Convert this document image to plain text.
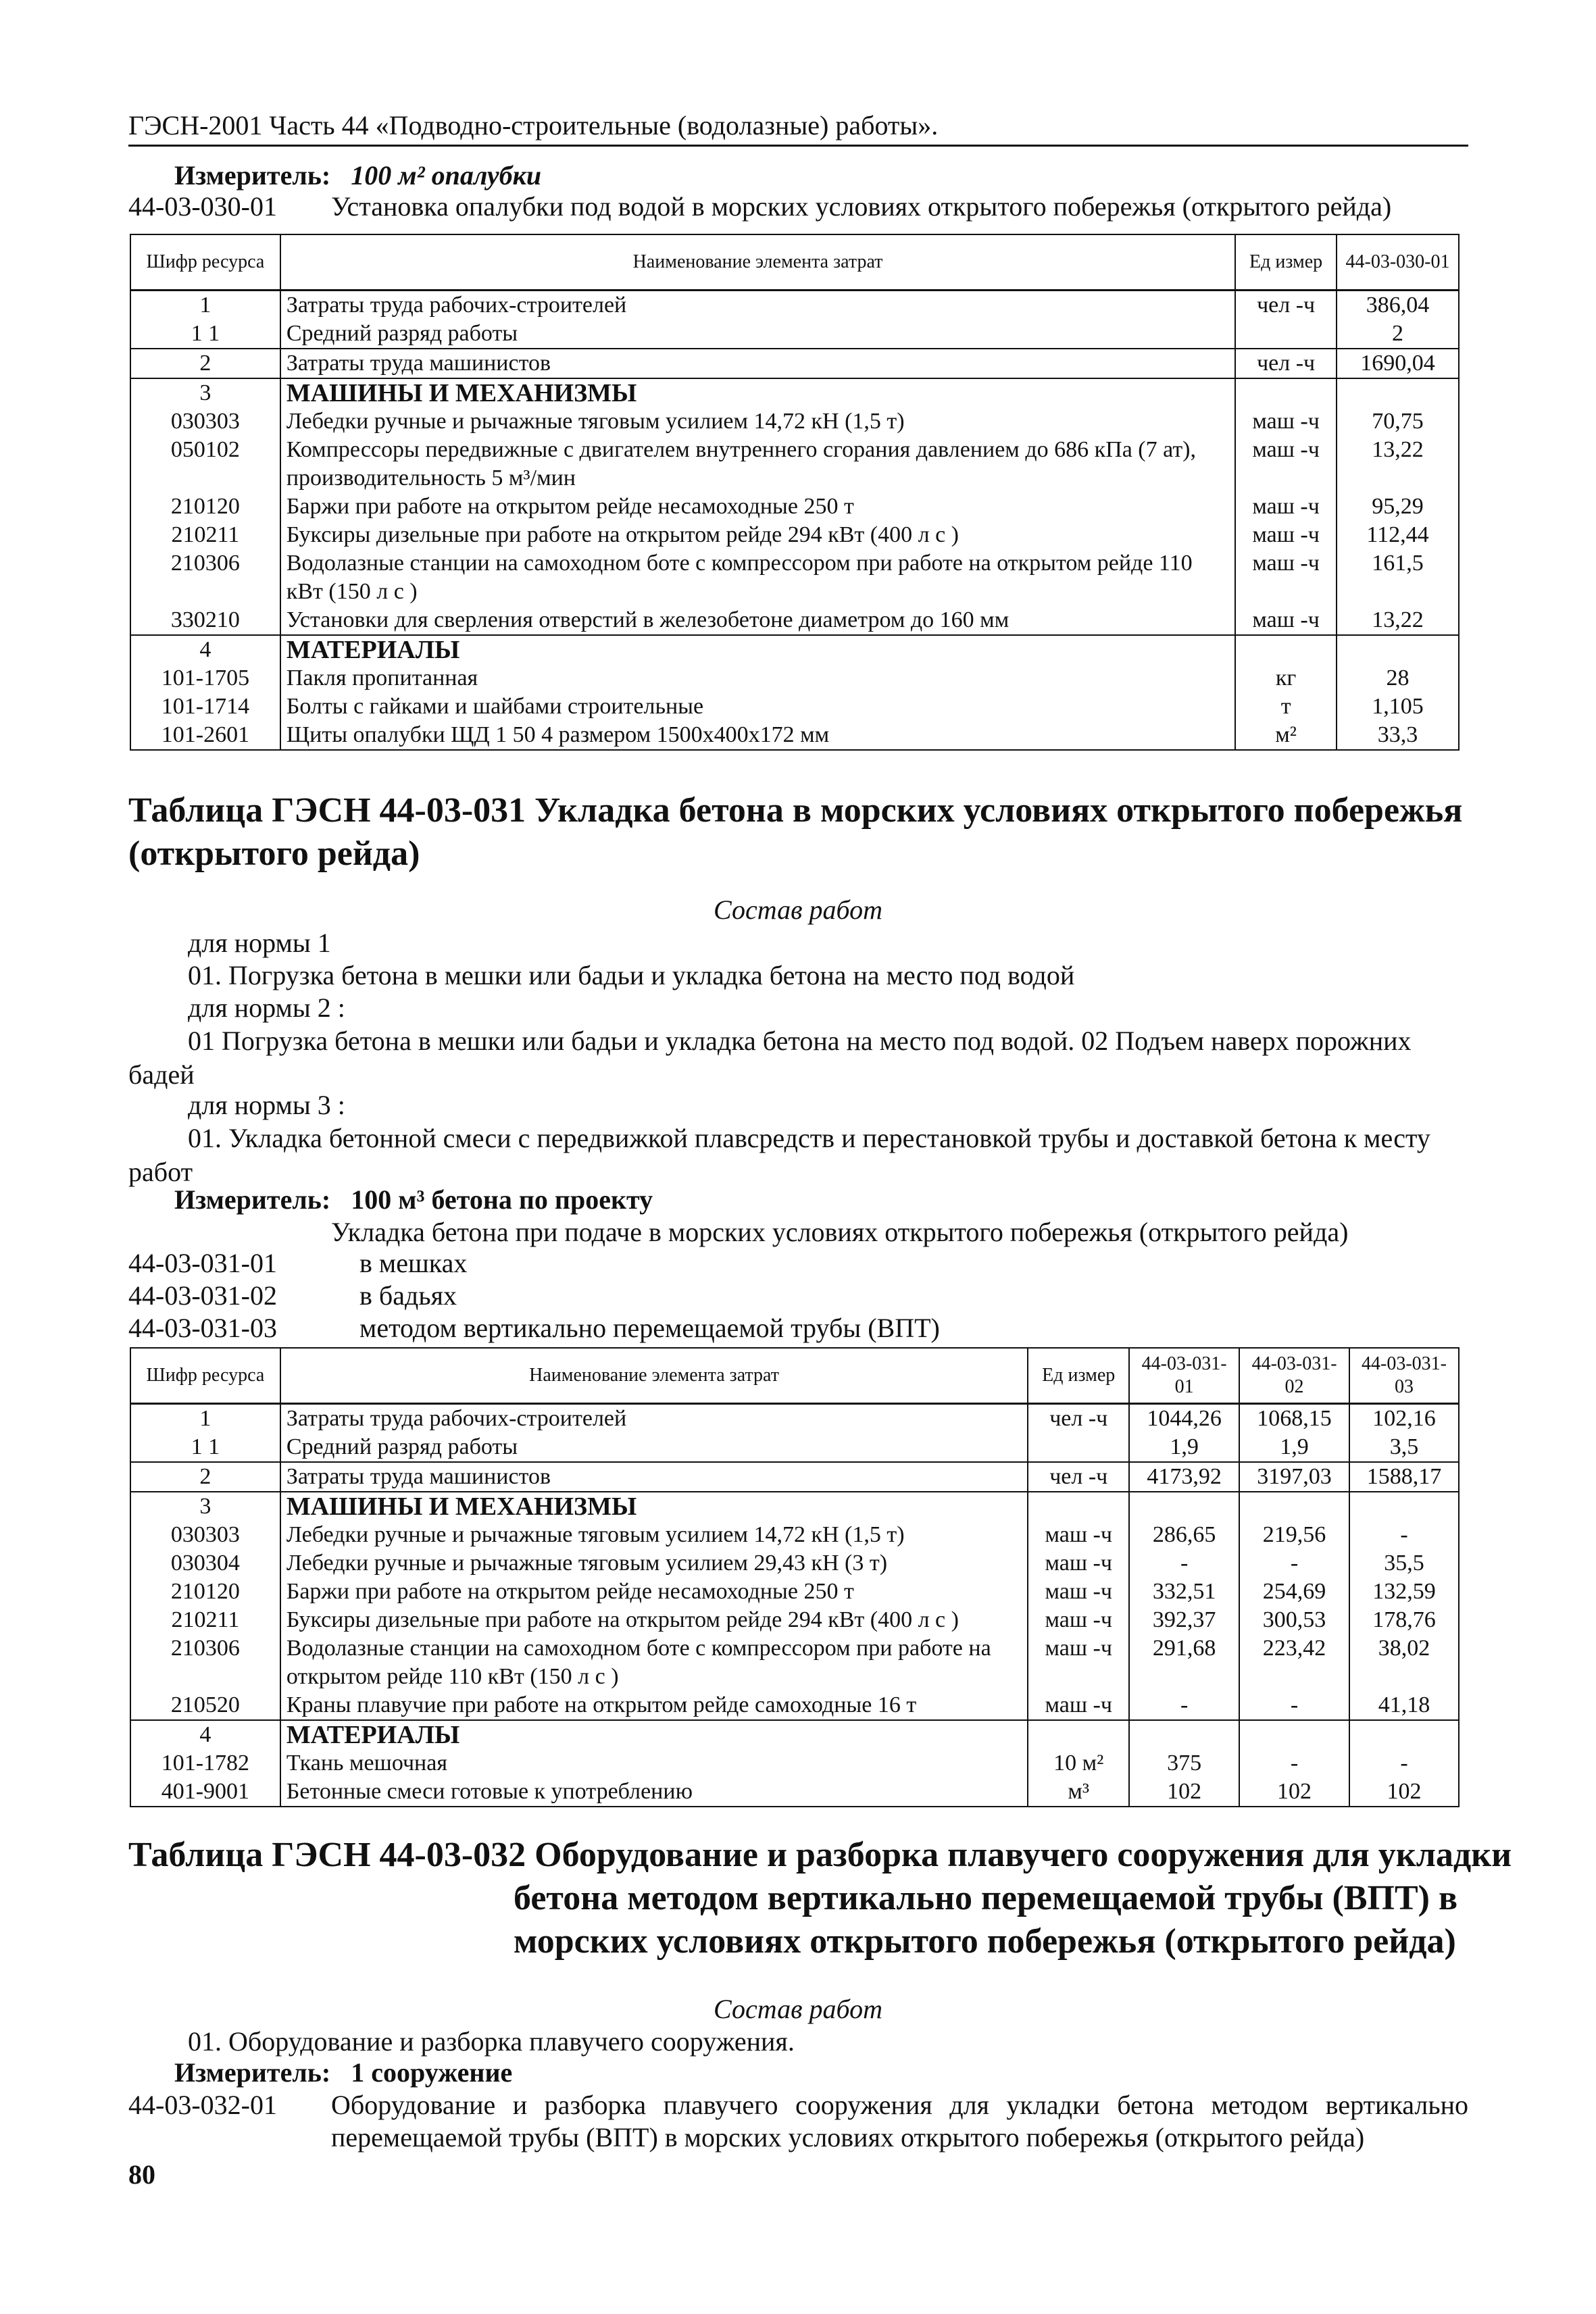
ГЭСН-2001 Часть 44 «Подводно-строительные (водолазные) работы».
Измеритель: 100 м² опалубки
44-03-030-01 Установка опалубки под водой в морских условиях открытого побережья (открытого рейда)
Шифр ресурса	Наименование элемента затрат	Ед измер	44-03-030-01
1	Затраты труда рабочих-строителей	чел -ч	386,04
1 1	Средний разряд работы		2
2	Затраты труда машинистов	чел -ч	1690,04
3	МАШИНЫ И МЕХАНИЗМЫ		
030303	Лебедки ручные и рычажные тяговым усилием 14,72 кН (1,5 т)	маш -ч	70,75
050102	Компрессоры передвижные с двигателем внутреннего сгорания давлением до 686 кПа (7 ат), производительность 5 м³/мин	маш -ч	13,22
210120	Баржи при работе на открытом рейде несамоходные 250 т	маш -ч	95,29
210211	Буксиры дизельные при работе на открытом рейде 294 кВт (400 л с )	маш -ч	112,44
210306	Водолазные станции на самоходном боте с компрессором при работе на открытом рейде 110 кВт (150 л с )	маш -ч	161,5
330210	Установки для сверления отверстий в железобетоне диаметром до 160 мм	маш -ч	13,22
4	МАТЕРИАЛЫ		
101-1705	Пакля пропитанная	кг	28
101-1714	Болты с гайками и шайбами строительные	т	1,105
101-2601	Щиты опалубки ЩД 1 50 4 размером 1500х400х172 мм	м²	33,3
Таблица ГЭСН 44-03-031 Укладка бетона в морских условиях открытого побережья (открытого рейда)
Состав работ
для нормы 1
01. Погрузка бетона в мешки или бадьи и укладка бетона на место под водой
для нормы 2 :
01 Погрузка бетона в мешки или бадьи и укладка бетона на место под водой. 02 Подъем наверх порожних бадей
для нормы 3 :
01. Укладка бетонной смеси с передвижкой плавсредств и перестановкой трубы и доставкой бетона к месту работ
Измеритель: 100 м³ бетона по проекту
Укладка бетона при подаче в морских условиях открытого побережья (открытого рейда)
44-03-031-01	в мешках
44-03-031-02	в бадьях
44-03-031-03	методом вертикально перемещаемой трубы (ВПТ)
Шифр ресурса	Наименование элемента затрат	Ед измер	44-03-031-01	44-03-031-02	44-03-031-03
1	Затраты труда рабочих-строителей	чел -ч	1044,26	1068,15	102,16
1 1	Средний разряд работы		1,9	1,9	3,5
2	Затраты труда машинистов	чел -ч	4173,92	3197,03	1588,17
3	МАШИНЫ И МЕХАНИЗМЫ				
030303	Лебедки ручные и рычажные тяговым усилием 14,72 кН (1,5 т)	маш -ч	286,65	219,56	-
030304	Лебедки ручные и рычажные тяговым усилием 29,43 кН (3 т)	маш -ч	-	-	35,5
210120	Баржи при работе на открытом рейде несамоходные 250 т	маш -ч	332,51	254,69	132,59
210211	Буксиры дизельные при работе на открытом рейде 294 кВт (400 л с )	маш -ч	392,37	300,53	178,76
210306	Водолазные станции на самоходном боте с компрессором при работе на открытом рейде 110 кВт (150 л с )	маш -ч	291,68	223,42	38,02
210520	Краны плавучие при работе на открытом рейде самоходные 16 т	маш -ч	-	-	41,18
4	МАТЕРИАЛЫ				
101-1782	Ткань мешочная	10 м²	375	-	-
401-9001	Бетонные смеси готовые к употреблению	м³	102	102	102
Таблица ГЭСН 44-03-032 Оборудование и разборка плавучего сооружения для укладки
бетона методом вертикально перемещаемой трубы (ВПТ) в
морских условиях открытого побережья (открытого рейда)
Состав работ
01. Оборудование и разборка плавучего сооружения.
Измеритель: 1 сооружение
44-03-032-01 Оборудование и разборка плавучего сооружения для укладки бетона методом вертикально перемещаемой трубы (ВПТ) в морских условиях открытого побережья (открытого рейда)
80
